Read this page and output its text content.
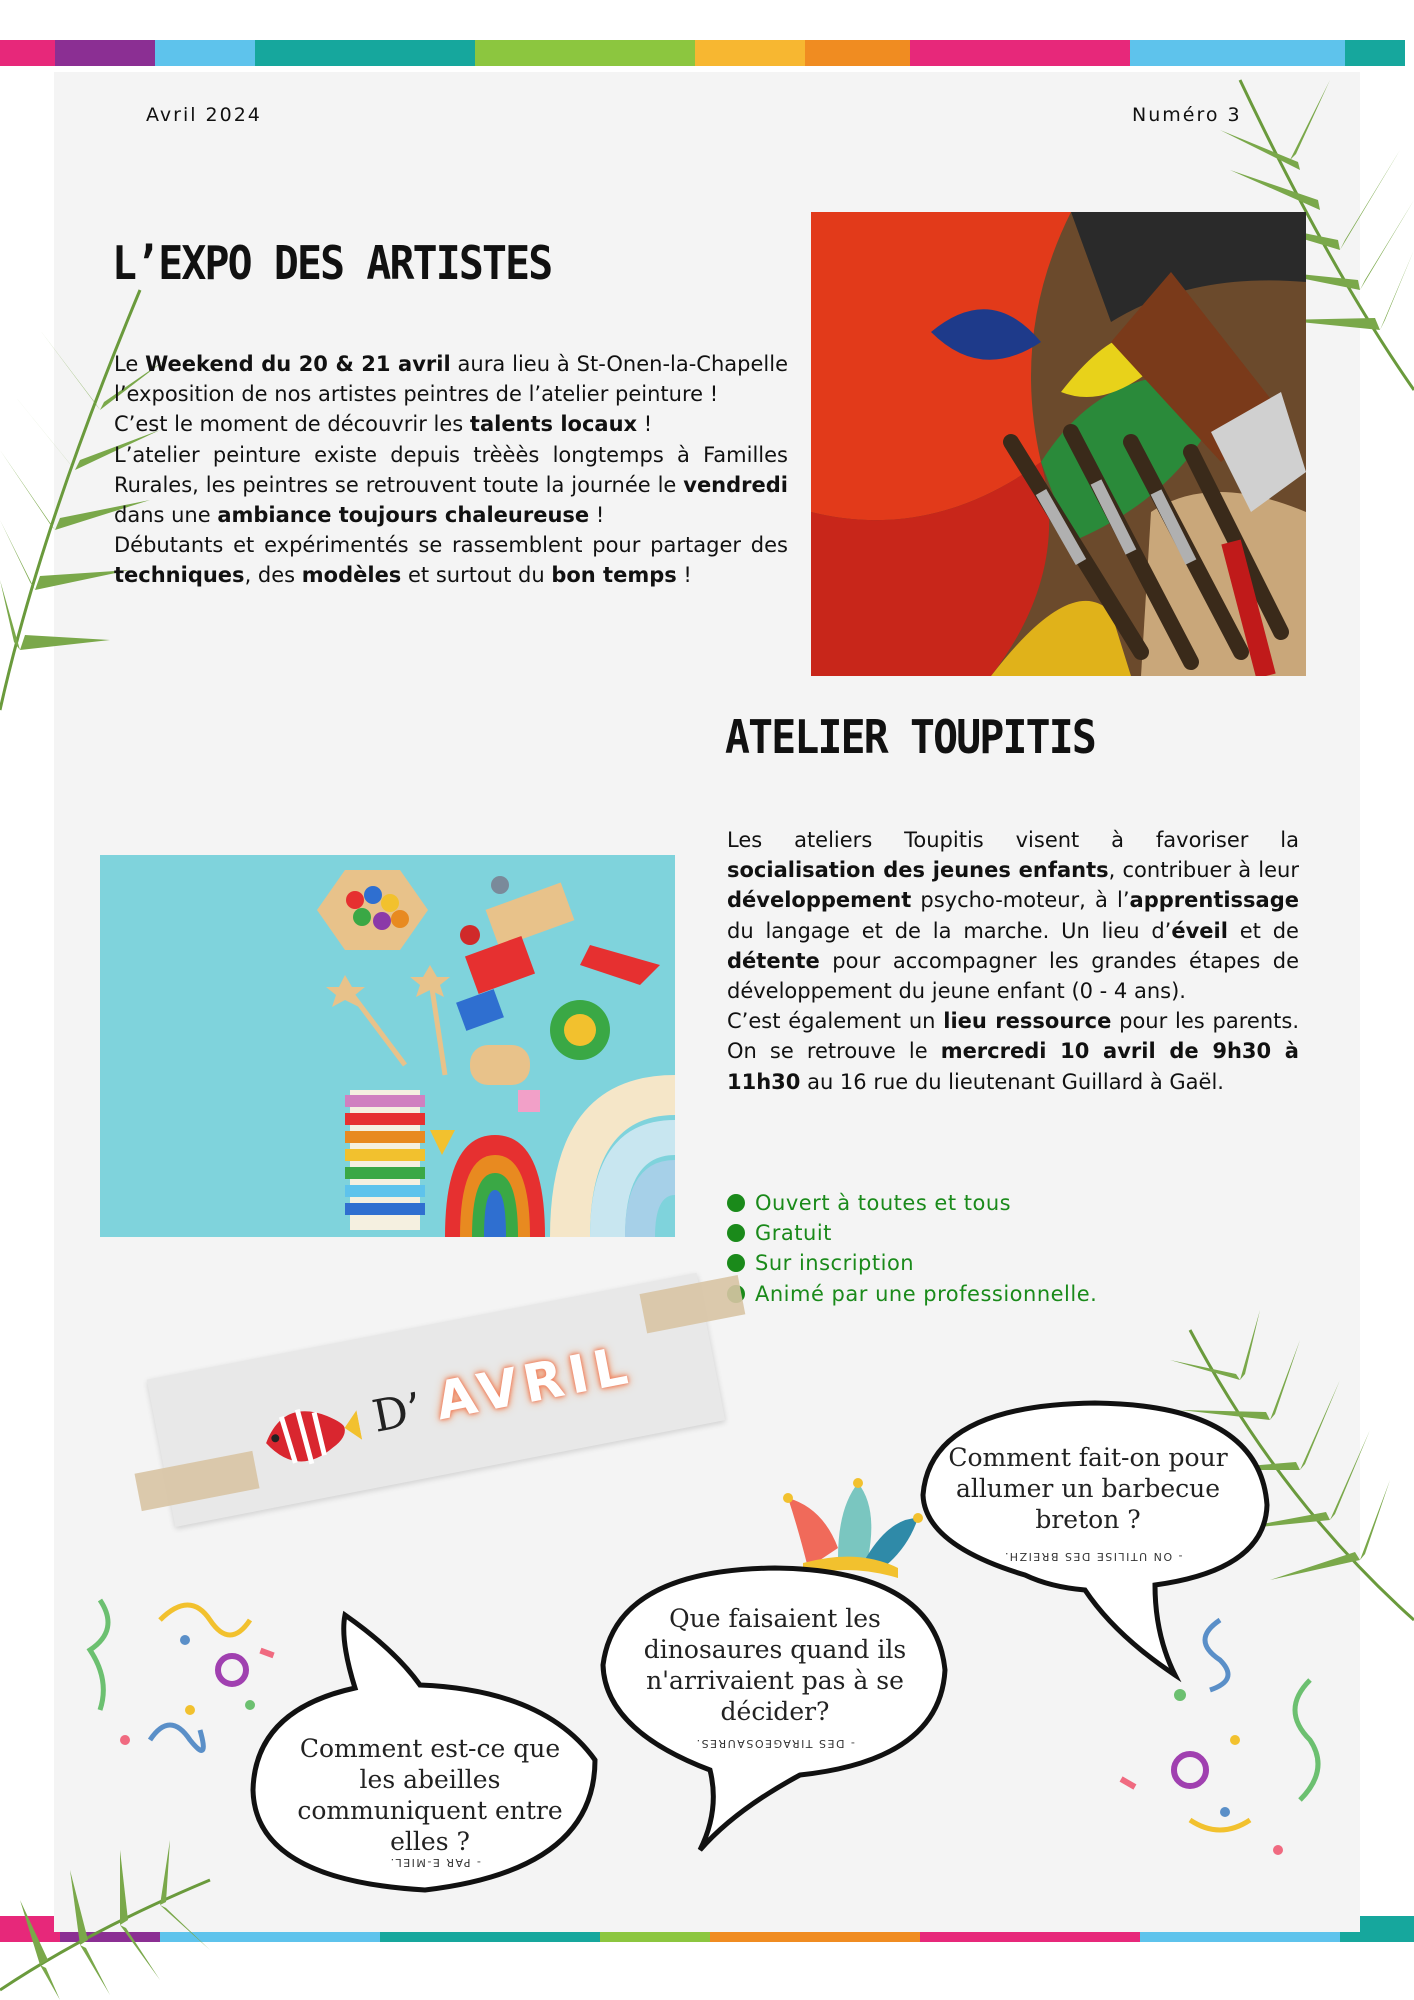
Avril 2024	Numéro 3
L’EXPO DES ARTISTES
Le Weekend du 20 & 21 avril aura lieu à St-Onen-la-Chapelle l’exposition de nos artistes peintres de l’atelier peinture !
C’est le moment de découvrir les talents locaux !
L’atelier peinture existe depuis trèèès longtemps à Familles Rurales, les peintres se retrouvent toute la journée le vendredi dans une ambiance toujours chaleureuse !
Débutants et expérimentés se rassemblent pour partager des techniques, des modèles et surtout du bon temps !
ATELIER TOUPITIS
Les ateliers Toupitis visent à favoriser la socialisation des jeunes enfants, contribuer à leur développement psycho-moteur, à l’apprentissage du langage et de la marche. Un lieu d’éveil et de détente pour accompagner les grandes étapes de développement du jeune enfant (0 - 4 ans).
C’est également un lieu ressource pour les parents. On se retrouve le mercredi 10 avril de 9h30 à 11h30 au 16 rue du lieutenant Guillard à Gaël.
Ouvert à toutes et tous
Gratuit
Sur inscription
Animé par une professionnelle.
D’ AVRIL
Comment est-ce que les abeilles communiquent entre elles ?
- PAR E-MIEL.
Que faisaient les dinosaures quand ils n'arrivaient pas à se décider?
- DES TIRAGEOSAURES.
Comment fait-on pour allumer un barbecue breton ?
- ON UTILISE DES BREIZH.
